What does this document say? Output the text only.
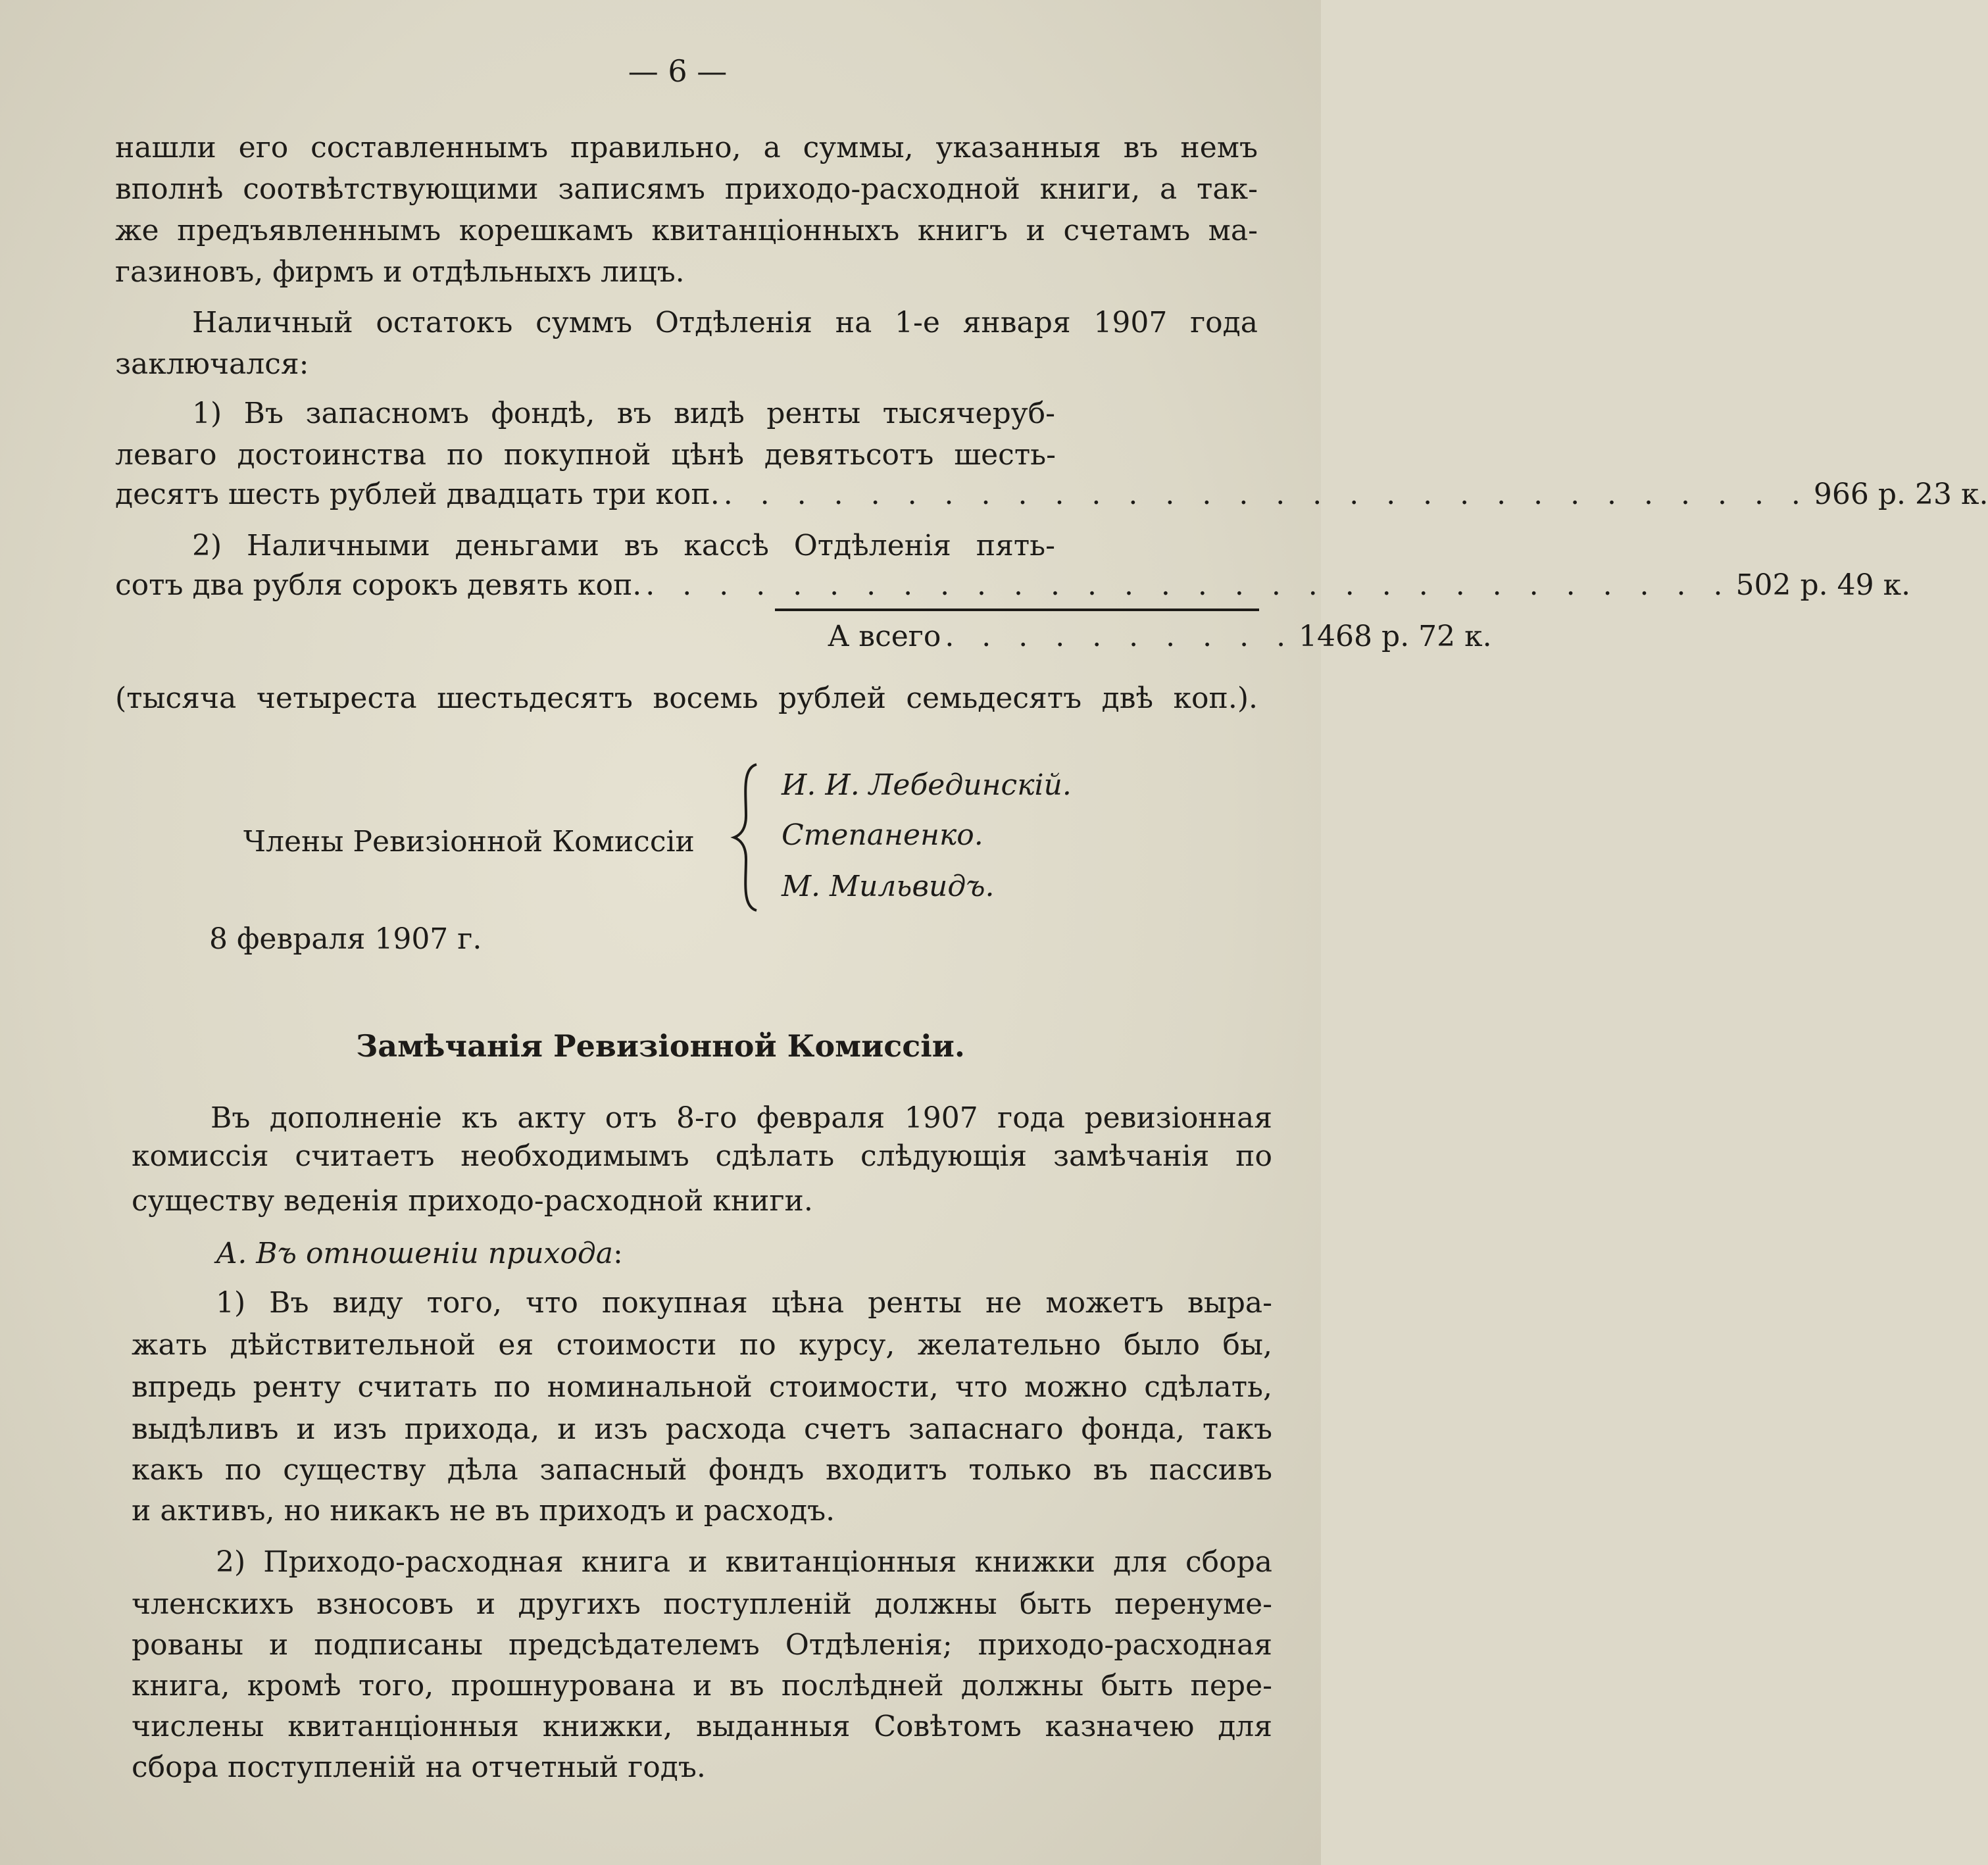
— 6 —
нашли его составленнымъ правильно, а суммы, указанныя въ немъ
вполнѣ соотвѣтствующими записямъ приходо-расходной книги, а так-
же предъявленнымъ корешкамъ квитанціонныхъ книгъ и счетамъ ма-
газиновъ, фирмъ и отдѣльныхъ лицъ.
Наличный остатокъ суммъ Отдѣленія на 1-е января 1907 года
заключался:
1) Въ запасномъ фондѣ, въ видѣ ренты тысячеруб-
леваго достоинства по покупной цѣнѣ девятьсотъ шесть-
десятъ шесть рублей двадцать три коп. . . . . . . . . . . . . . . . . . . . . . . . . . . . . . . 966 р. 23 к.
2) Наличными деньгами въ кассѣ Отдѣленія пять-
сотъ два рубля сорокъ девять коп. . . . . . . . . . . . . . . . . . . . . . . . . . . . . . . 502 р. 49 к.
А всего . . . . . . . . . . 1468 р. 72 к.
(тысяча четыреста шестьдесятъ восемь рублей семьдесятъ двѣ коп.).
Члены Ревизіонной Комиссіи
И. И. Лебединскій.
Степаненко.
М. Мильвидъ.
8 февраля 1907 г.
Замѣчанія Ревизіонной Комиссіи.
Въ дополненіе къ акту отъ 8-го февраля 1907 года ревизіонная
комиссія считаетъ необходимымъ сдѣлать слѣдующія замѣчанія по
существу веденія приходо-расходной книги.
А. Въ отношеніи прихода:
1) Въ виду того, что покупная цѣна ренты не можетъ выра-
жать дѣйствительной ея стоимости по курсу, желательно было бы,
впредь ренту считать по номинальной стоимости, что можно сдѣлать,
выдѣливъ и изъ прихода, и изъ расхода счетъ запаснаго фонда, такъ
какъ по существу дѣла запасный фондъ входитъ только въ пассивъ
и активъ, но никакъ не въ приходъ и расходъ.
2) Приходо-расходная книга и квитанціонныя книжки для сбора
членскихъ взносовъ и другихъ поступленій должны быть перенуме-
рованы и подписаны предсѣдателемъ Отдѣленія; приходо-расходная
книга, кромѣ того, прошнурована и въ послѣдней должны быть пере-
числены квитанціонныя книжки, выданныя Совѣтомъ казначею для
сбора поступленій на отчетный годъ.
